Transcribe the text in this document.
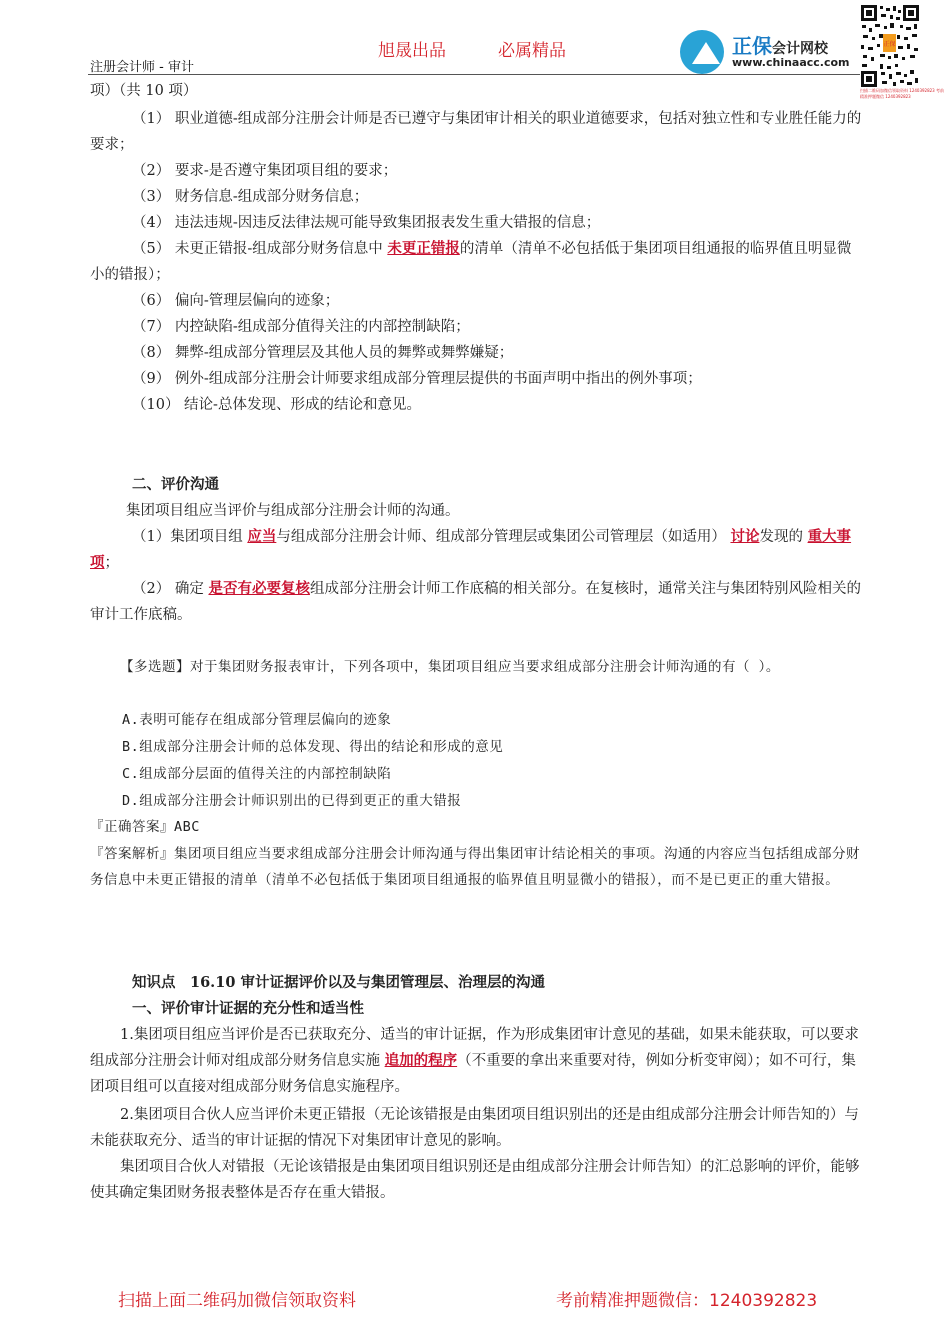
注册会计师 - 审计
旭晟出品	必属精品	正保会计网校
www.chinaacc.com
正保
扫描二维码加微信领取资料 1240392823 考前精准押题微信 1240392823
项）（共 10 项）
（1） 职业道德-组成部分注册会计师是否已遵守与集团审计相关的职业道德要求，包括对独立性和专业胜任能力的要求；
（2） 要求-是否遵守集团项目组的要求；
（3） 财务信息-组成部分财务信息；
（4） 违法违规-因违反法律法规可能导致集团报表发生重大错报的信息；
（5） 未更正错报-组成部分财务信息中 未更正错报的清单（清单不必包括低于集团项目组通报的临界值且明显微小的错报）；
（6） 偏向-管理层偏向的迹象；
（7） 内控缺陷-组成部分值得关注的内部控制缺陷；
（8） 舞弊-组成部分管理层及其他人员的舞弊或舞弊嫌疑；
（9） 例外-组成部分注册会计师要求组成部分管理层提供的书面声明中指出的例外事项；
（10） 结论-总体发现、形成的结论和意见。
二、评价沟通
集团项目组应当评价与组成部分注册会计师的沟通。
（1）集团项目组 应当与组成部分注册会计师、组成部分管理层或集团公司管理层（如适用） 讨论发现的 重大事项；
（2） 确定 是否有必要复核组成部分注册会计师工作底稿的相关部分。在复核时，通常关注与集团特别风险相关的审计工作底稿。
【多选题】对于集团财务报表审计，下列各项中，集团项目组应当要求组成部分注册会计师沟通的有（ ）。
A.表明可能存在组成部分管理层偏向的迹象
B.组成部分注册会计师的总体发现、得出的结论和形成的意见
C.组成部分层面的值得关注的内部控制缺陷
D.组成部分注册会计师识别出的已得到更正的重大错报
『正确答案』ABC
『答案解析』集团项目组应当要求组成部分注册会计师沟通与得出集团审计结论相关的事项。沟通的内容应当包括组成部分财务信息中未更正错报的清单（清单不必包括低于集团项目组通报的临界值且明显微小的错报），而不是已更正的重大错报。
知识点　16.10 审计证据评价以及与集团管理层、治理层的沟通
一、评价审计证据的充分性和适当性
1.集团项目组应当评价是否已获取充分、适当的审计证据，作为形成集团审计意见的基础，如果未能获取，可以要求组成部分注册会计师对组成部分财务信息实施 追加的程序（不重要的拿出来重要对待，例如分析变审阅）；如不可行，集团项目组可以直接对组成部分财务信息实施程序。
2.集团项目合伙人应当评价未更正错报（无论该错报是由集团项目组识别出的还是由组成部分注册会计师告知的）与未能获取充分、适当的审计证据的情况下对集团审计意见的影响。
集团项目合伙人对错报（无论该错报是由集团项目组识别还是由组成部分注册会计师告知）的汇总影响的评价，能够使其确定集团财务报表整体是否存在重大错报。
扫描上面二维码加微信领取资料	考前精准押题微信：1240392823
